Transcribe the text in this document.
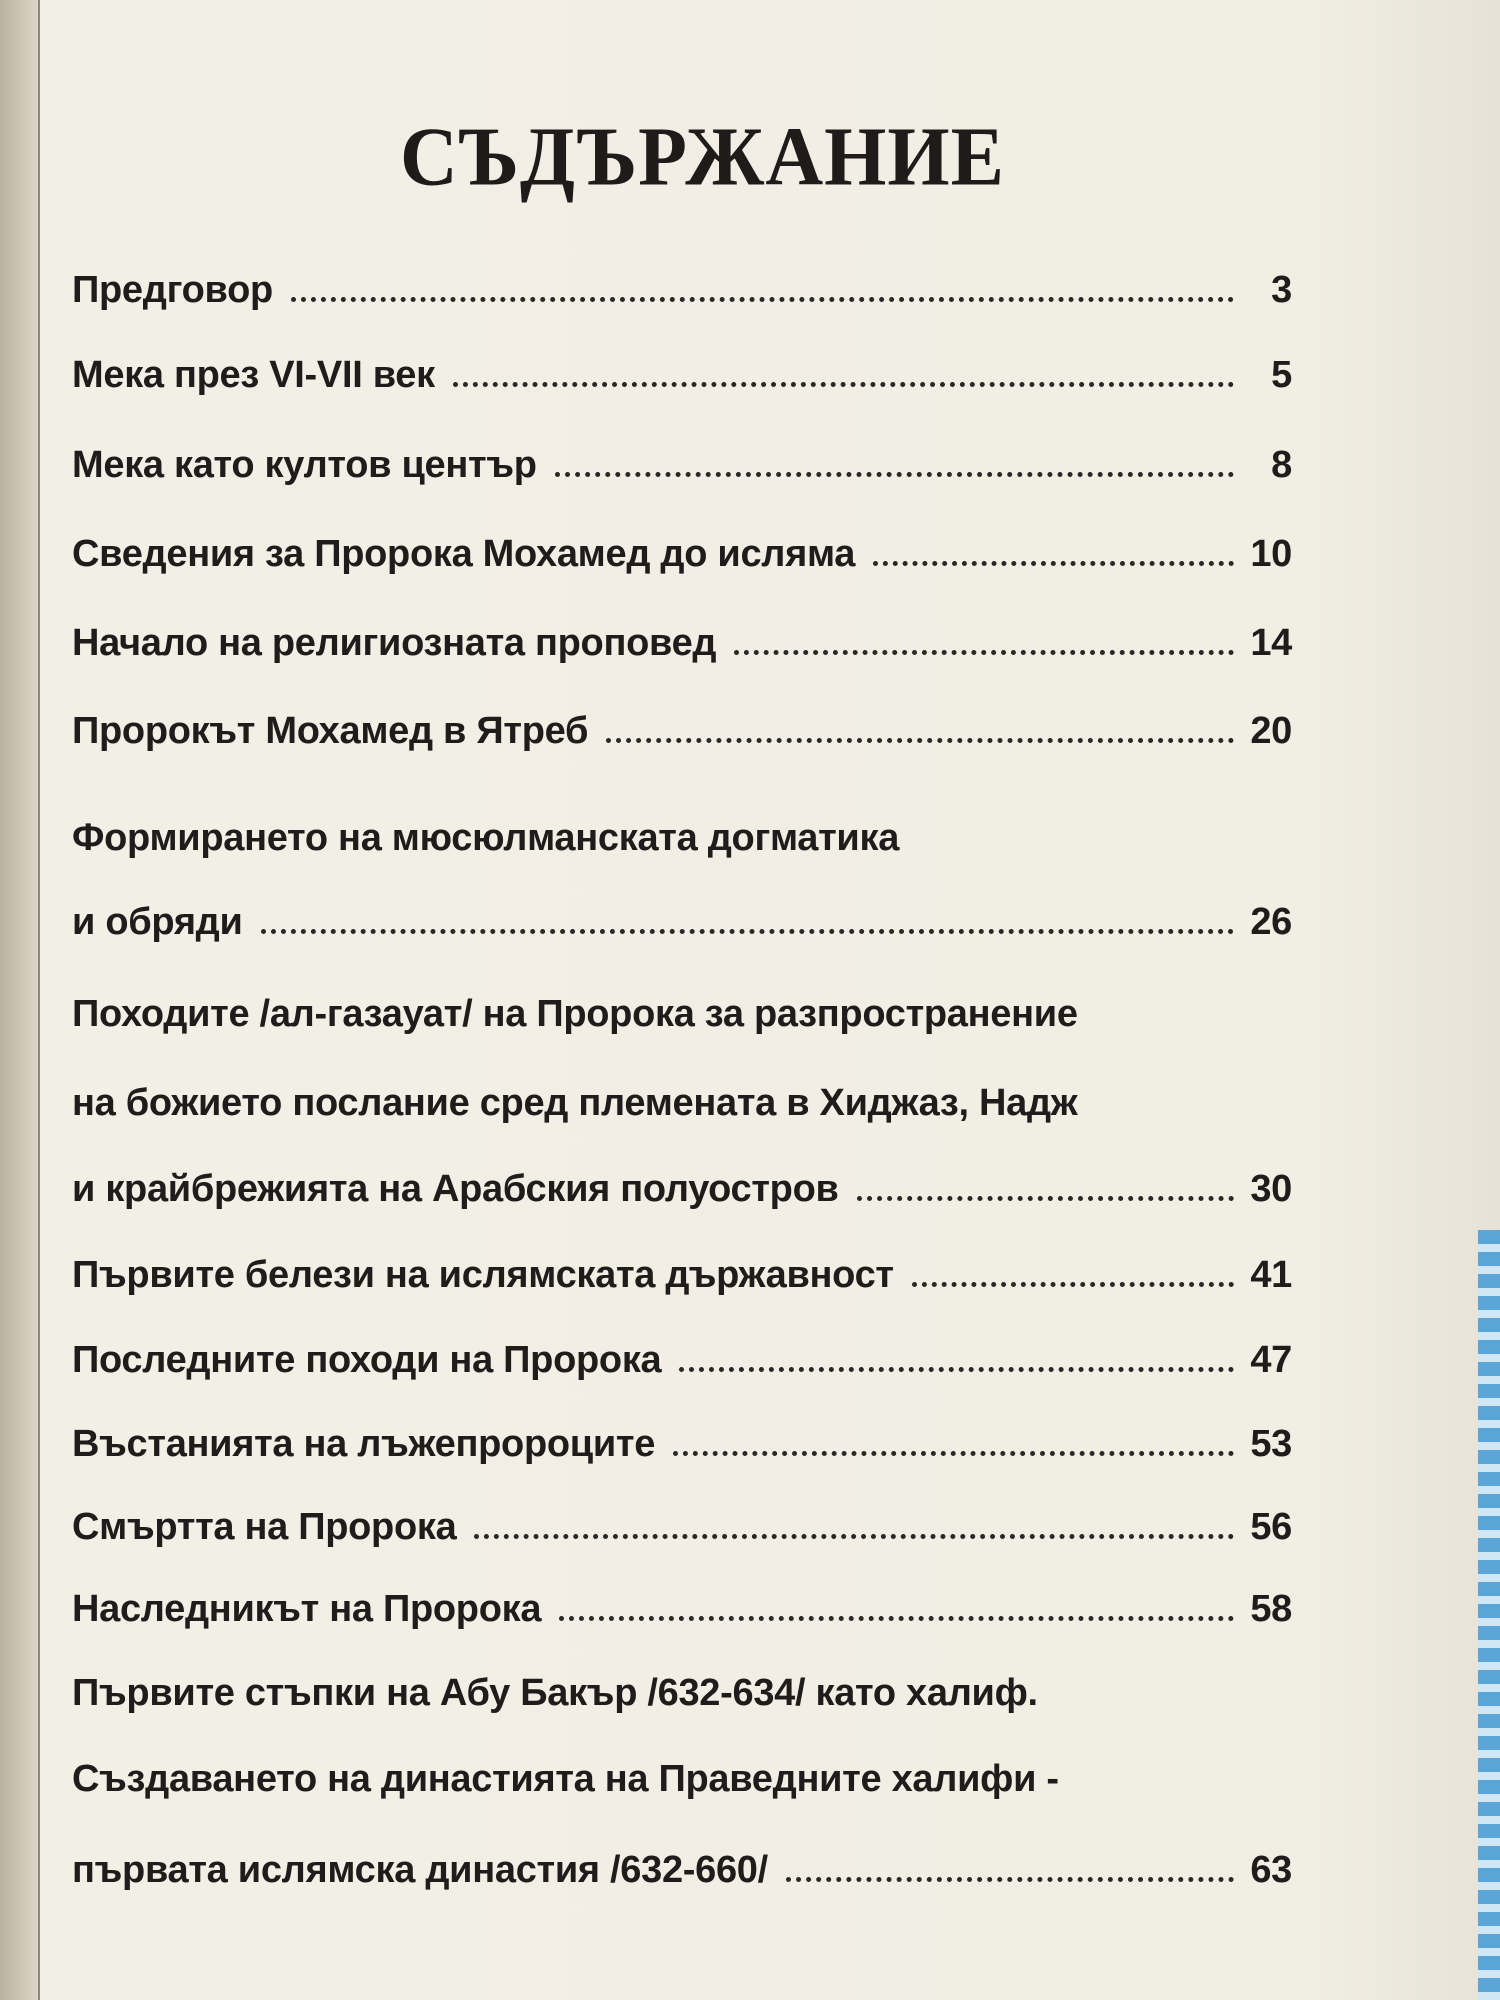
СЪДЪРЖАНИЕ
Предговор	3
Мека през VI-VII век	5
Мека като култов център	8
Сведения за Пророка Мохамед до исляма	10
Начало на религиозната проповед	14
Пророкът Мохамед в Ятреб	20
Формирането на мюсюлманската догматика
и обряди	26
Походите /ал-газауат/ на Пророка за разпространение
на божието послание сред племената в Хиджаз, Надж
и крайбрежията на Арабския полуостров	30
Първите белези на ислямската държавност	41
Последните походи на Пророка	47
Въстанията на лъжепророците	53
Смъртта на Пророка	56
Наследникът на Пророка	58
Първите стъпки на Абу Бакър /632-634/ като халиф.
Създаването на династията на Праведните халифи -
първата ислямска династия /632-660/	63
